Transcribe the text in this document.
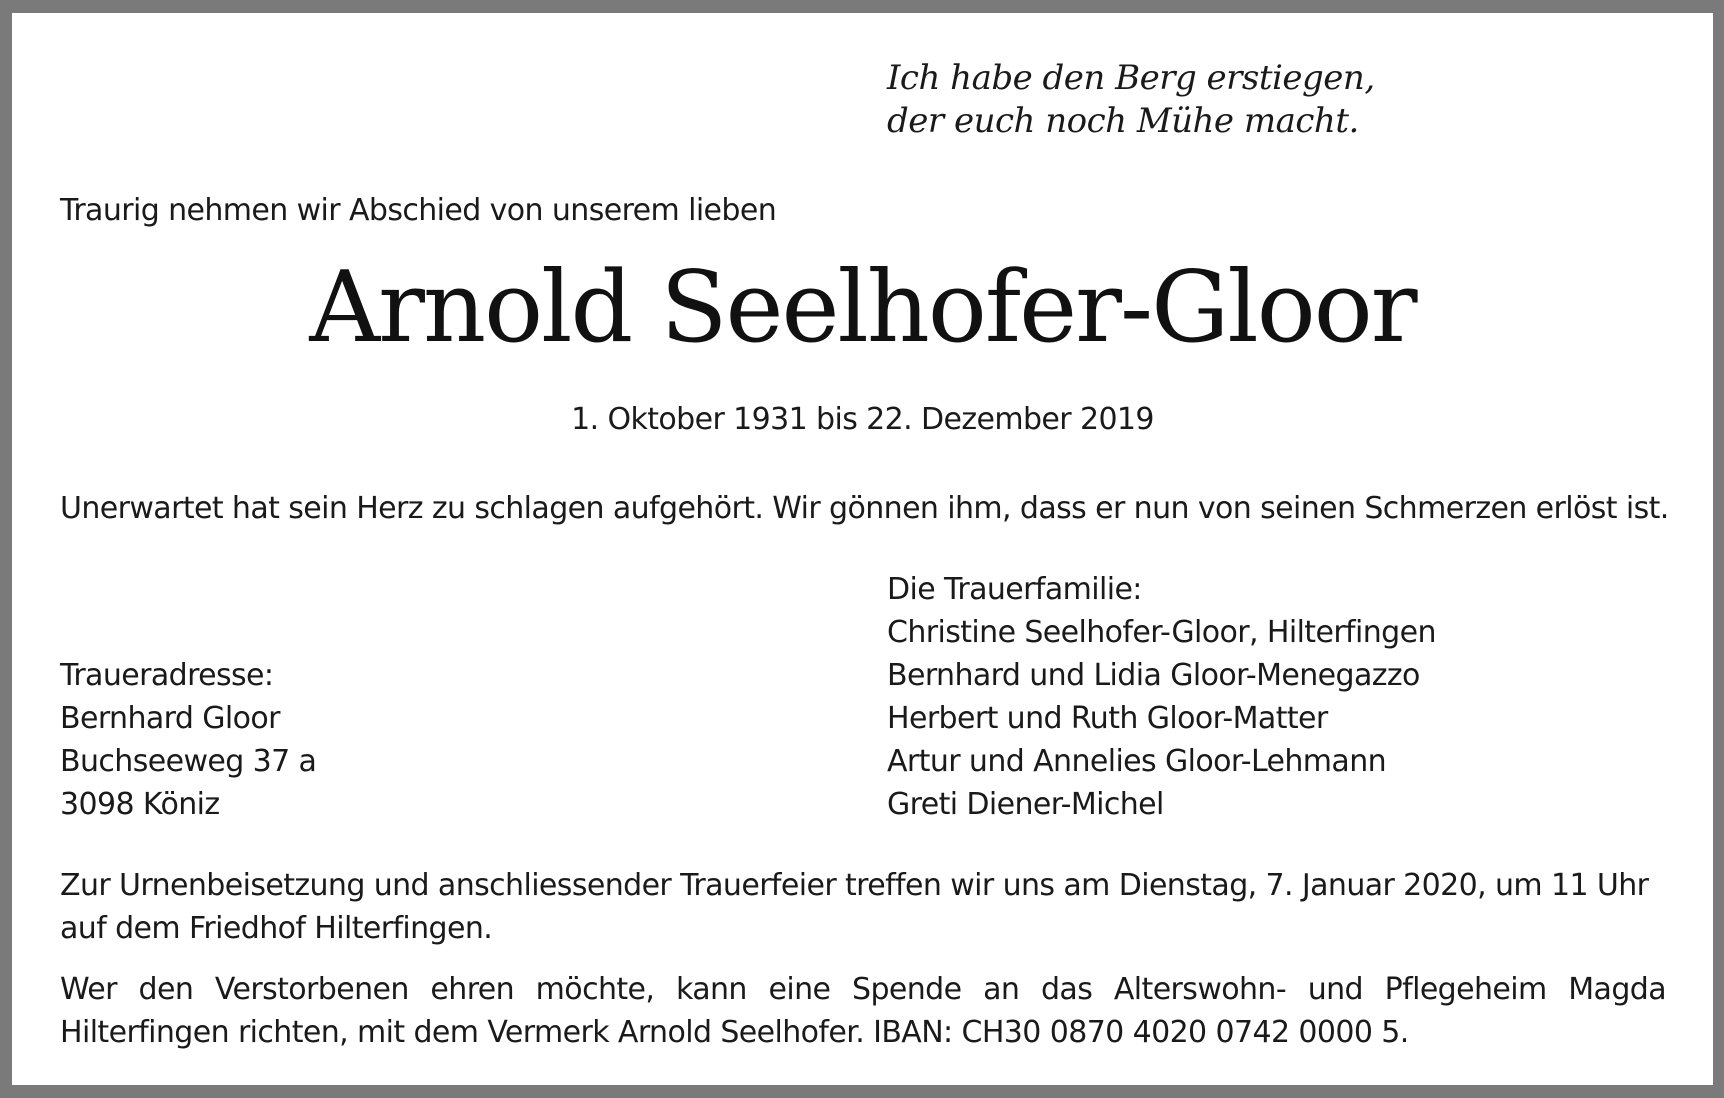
Ich habe den Berg erstiegen,
der euch noch Mühe macht.
Traurig nehmen wir Abschied von unserem lieben
Arnold Seelhofer-Gloor
1. Oktober 1931 bis 22. Dezember 2019
Unerwartet hat sein Herz zu schlagen aufgehört. Wir gönnen ihm, dass er nun von seinen Schmerzen erlöst ist.
Die Trauerfamilie:
Christine Seelhofer-Gloor, Hilterfingen
Bernhard und Lidia Gloor-Menegazzo
Herbert und Ruth Gloor-Matter
Artur und Annelies Gloor-Lehmann
Greti Diener-Michel
Traueradresse:
Bernhard Gloor
Buchseeweg 37 a
3098 Köniz
Zur Urnenbeisetzung und anschliessender Trauerfeier treffen wir uns am Dienstag, 7. Januar 2020, um 11 Uhr auf dem Friedhof Hilterfingen.
Wer den Verstorbenen ehren möchte, kann eine Spende an das Alterswohn- und Pflegeheim Magda Hilterfingen richten, mit dem Vermerk Arnold Seelhofer. IBAN: CH30 0870 4020 0742 0000 5.
